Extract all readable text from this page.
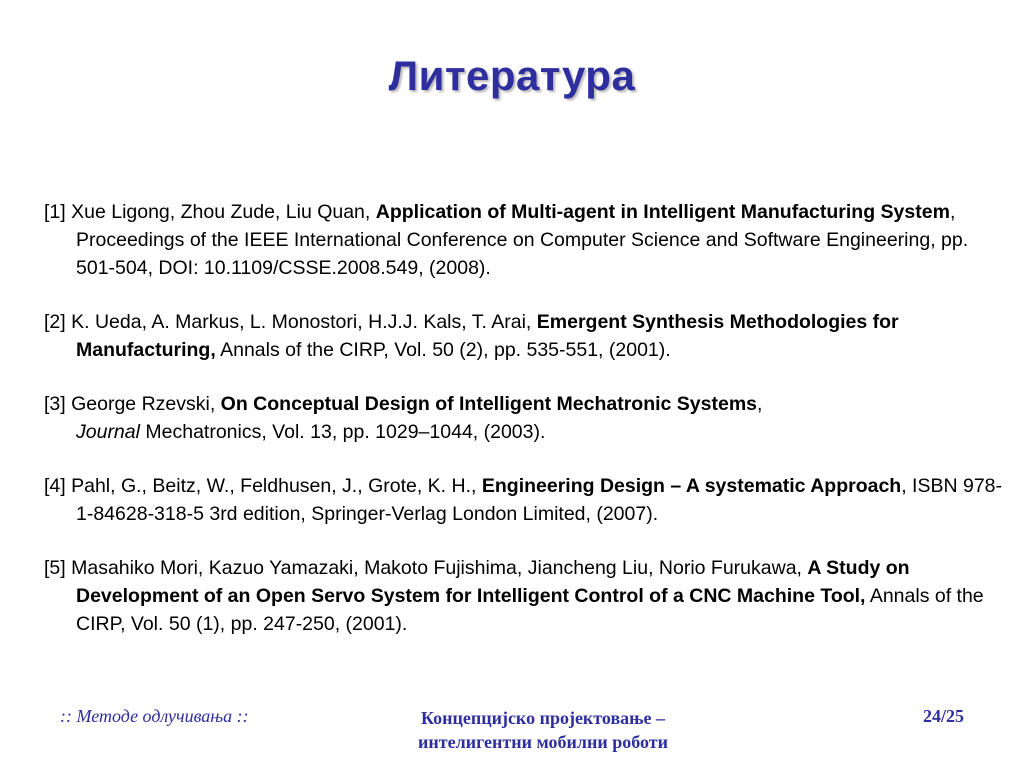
Литература

[1] Xue Ligong, Zhou Zude, Liu Quan, Application of Multi-agent in Intelligent Manufacturing System, Proceedings of the IEEE International Conference on Computer Science and Software Engineering, pp. 501-504, DOI: 10.1109/CSSE.2008.549, (2008).

[2] K. Ueda, A. Markus, L. Monostori, H.J.J. Kals, T. Arai, Emergent Synthesis Methodologies for Manufacturing, Annals of the CIRP, Vol. 50 (2), pp. 535-551, (2001).

[3] George Rzevski, On Conceptual Design of Intelligent Mechatronic Systems,
Journal Mechatronics, Vol. 13, pp. 1029–1044, (2003).

[4] Pahl, G., Beitz, W., Feldhusen, J., Grote, K. H., Engineering Design – A systematic Approach, ISBN 978-1-84628-318-5 3rd edition, Springer-Verlag London Limited, (2007).

[5] Masahiko Mori, Kazuo Yamazaki, Makoto Fujishima, Jiancheng Liu, Norio Furukawa, A Study on Development of an Open Servo System for Intelligent Control of a CNC Machine Tool, Annals of the CIRP, Vol. 50 (1), pp. 247-250, (2001).

:: Методе одлучивања ::	Концепцијско пројектовање –
интелигентни мобилни роботи
24/25
